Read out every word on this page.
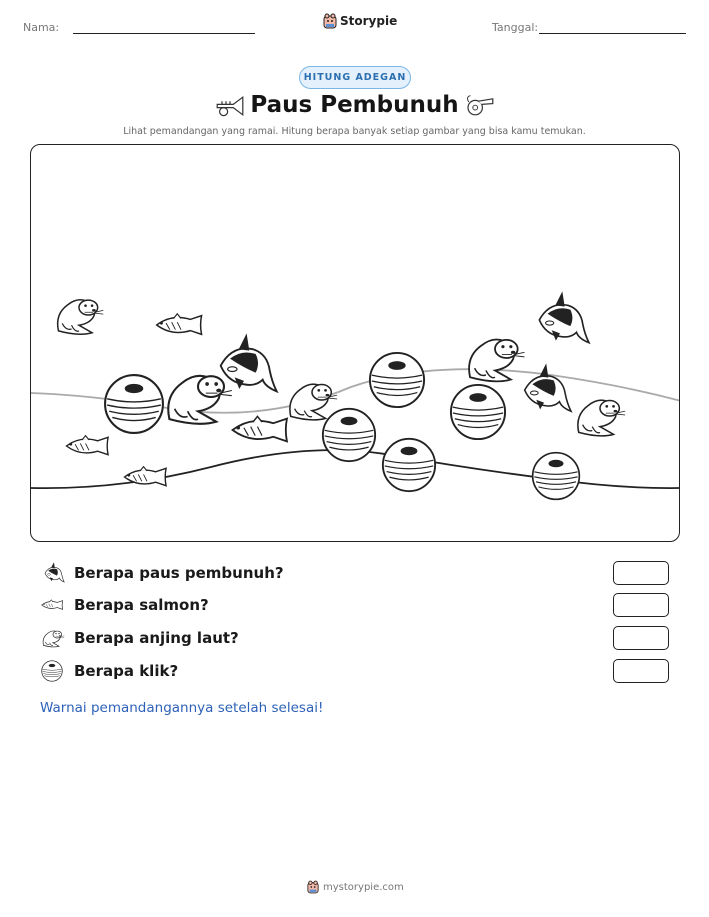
Nama:	Storypie	Tanggal:
HITUNG ADEGAN
Paus Pembunuh
Lihat pemandangan yang ramai. Hitung berapa banyak setiap gambar yang bisa kamu temukan.
Berapa paus pembunuh?
Berapa salmon?
Berapa anjing laut?
Berapa klik?
Warnai pemandangannya setelah selesai!
mystorypie.com
